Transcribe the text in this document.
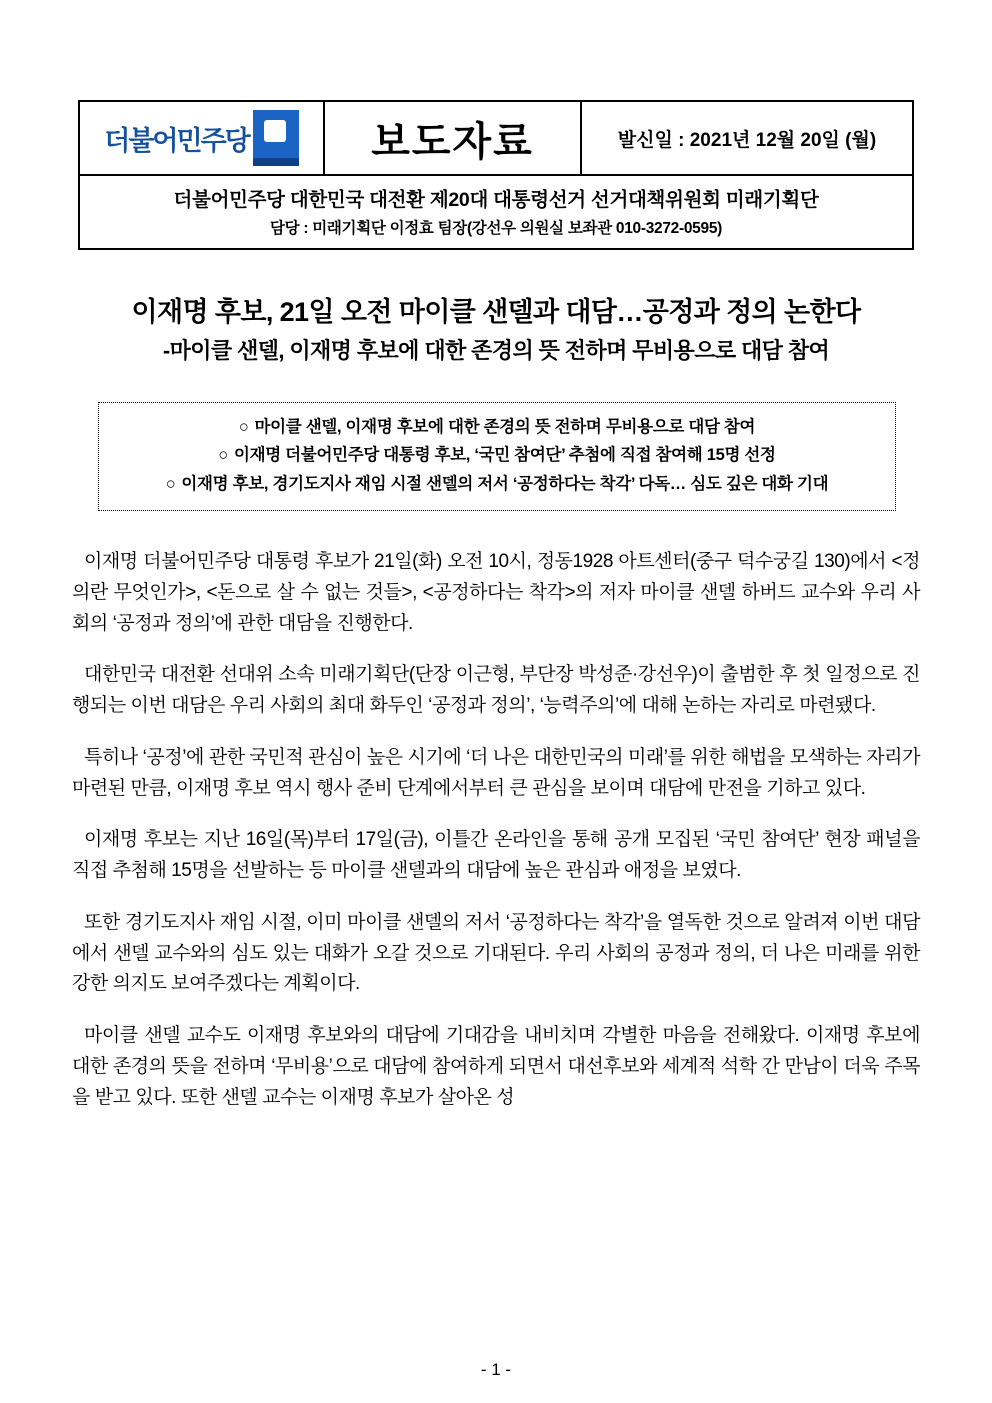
더불어민주당	보도자료	발신일 : 2021년 12월 20일 (월)
더불어민주당 대한민국 대전환 제20대 대통령선거 선거대책위원회 미래기획단
담당 : 미래기획단 이정효 팀장(강선우 의원실 보좌관 010-3272-0595)
이재명 후보, 21일 오전 마이클 샌델과 대담…공정과 정의 논한다
-마이클 샌델, 이재명 후보에 대한 존경의 뜻 전하며 무비용으로 대담 참여
○ 마이클 샌델, 이재명 후보에 대한 존경의 뜻 전하며 무비용으로 대담 참여
○ 이재명 더불어민주당 대통령 후보, ‘국민 참여단’ 추첨에 직접 참여해 15명 선정
○ 이재명 후보, 경기도지사 재임 시절 샌델의 저서 ‘공정하다는 착각’ 다독… 심도 깊은 대화 기대

이재명 더불어민주당 대통령 후보가 21일(화) 오전 10시, 정동1928 아트센터(중구 덕수궁길 130)에서 <정의란 무엇인가>, <돈으로 살 수 없는 것들>, <공정하다는 착각>의 저자 마이클 샌델 하버드 교수와 우리 사회의 ‘공정과 정의’에 관한 대담을 진행한다.

대한민국 대전환 선대위 소속 미래기획단(단장 이근형, 부단장 박성준·강선우)이 출범한 후 첫 일정으로 진행되는 이번 대담은 우리 사회의 최대 화두인 ‘공정과 정의’, ‘능력주의’에 대해 논하는 자리로 마련됐다.

특히나 ‘공정’에 관한 국민적 관심이 높은 시기에 ‘더 나은 대한민국의 미래’를 위한 해법을 모색하는 자리가 마련된 만큼, 이재명 후보 역시 행사 준비 단계에서부터 큰 관심을 보이며 대담에 만전을 기하고 있다.

이재명 후보는 지난 16일(목)부터 17일(금), 이틀간 온라인을 통해 공개 모집된 ‘국민 참여단’ 현장 패널을 직접 추첨해 15명을 선발하는 등 마이클 샌델과의 대담에 높은 관심과 애정을 보였다.

또한 경기도지사 재임 시절, 이미 마이클 샌델의 저서 ‘공정하다는 착각’을 열독한 것으로 알려져 이번 대담에서 샌델 교수와의 심도 있는 대화가 오갈 것으로 기대된다. 우리 사회의 공정과 정의, 더 나은 미래를 위한 강한 의지도 보여주겠다는 계획이다.

마이클 샌델 교수도 이재명 후보와의 대담에 기대감을 내비치며 각별한 마음을 전해왔다. 이재명 후보에 대한 존경의 뜻을 전하며 ‘무비용’으로 대담에 참여하게 되면서 대선후보와 세계적 석학 간 만남이 더욱 주목을 받고 있다. 또한 샌델 교수는 이재명 후보가 살아온 성

- 1 -
